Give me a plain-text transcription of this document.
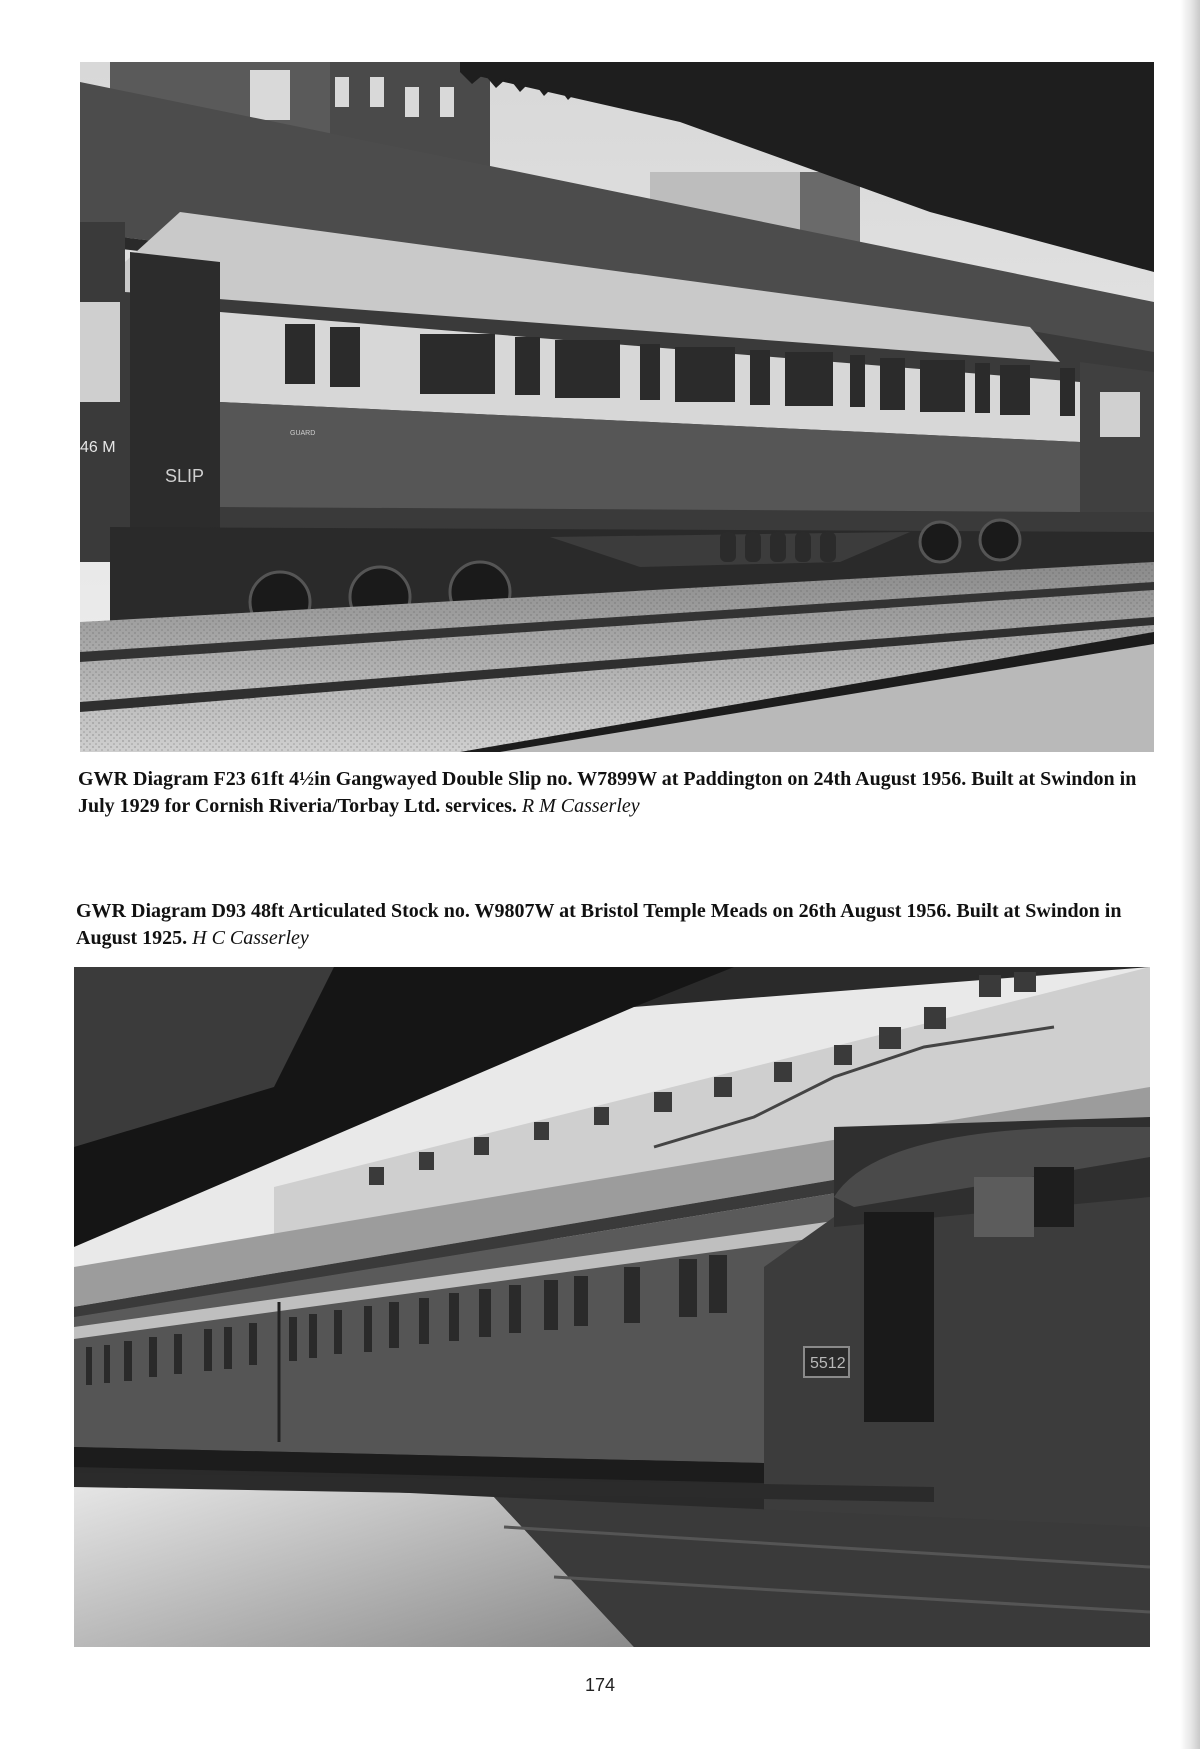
46 M
SLIP
GUARD
GWR Diagram F23 61ft 4½in Gangwayed Double Slip no. W7899W at Paddington on 24th August 1956. Built at Swindon in July 1929 for Cornish Riveria/Torbay Ltd. services. R M Casserley
GWR Diagram D93 48ft Articulated Stock no. W9807W at Bristol Temple Meads on 26th August 1956. Built at Swindon in August 1925. H C Casserley
5512
174
